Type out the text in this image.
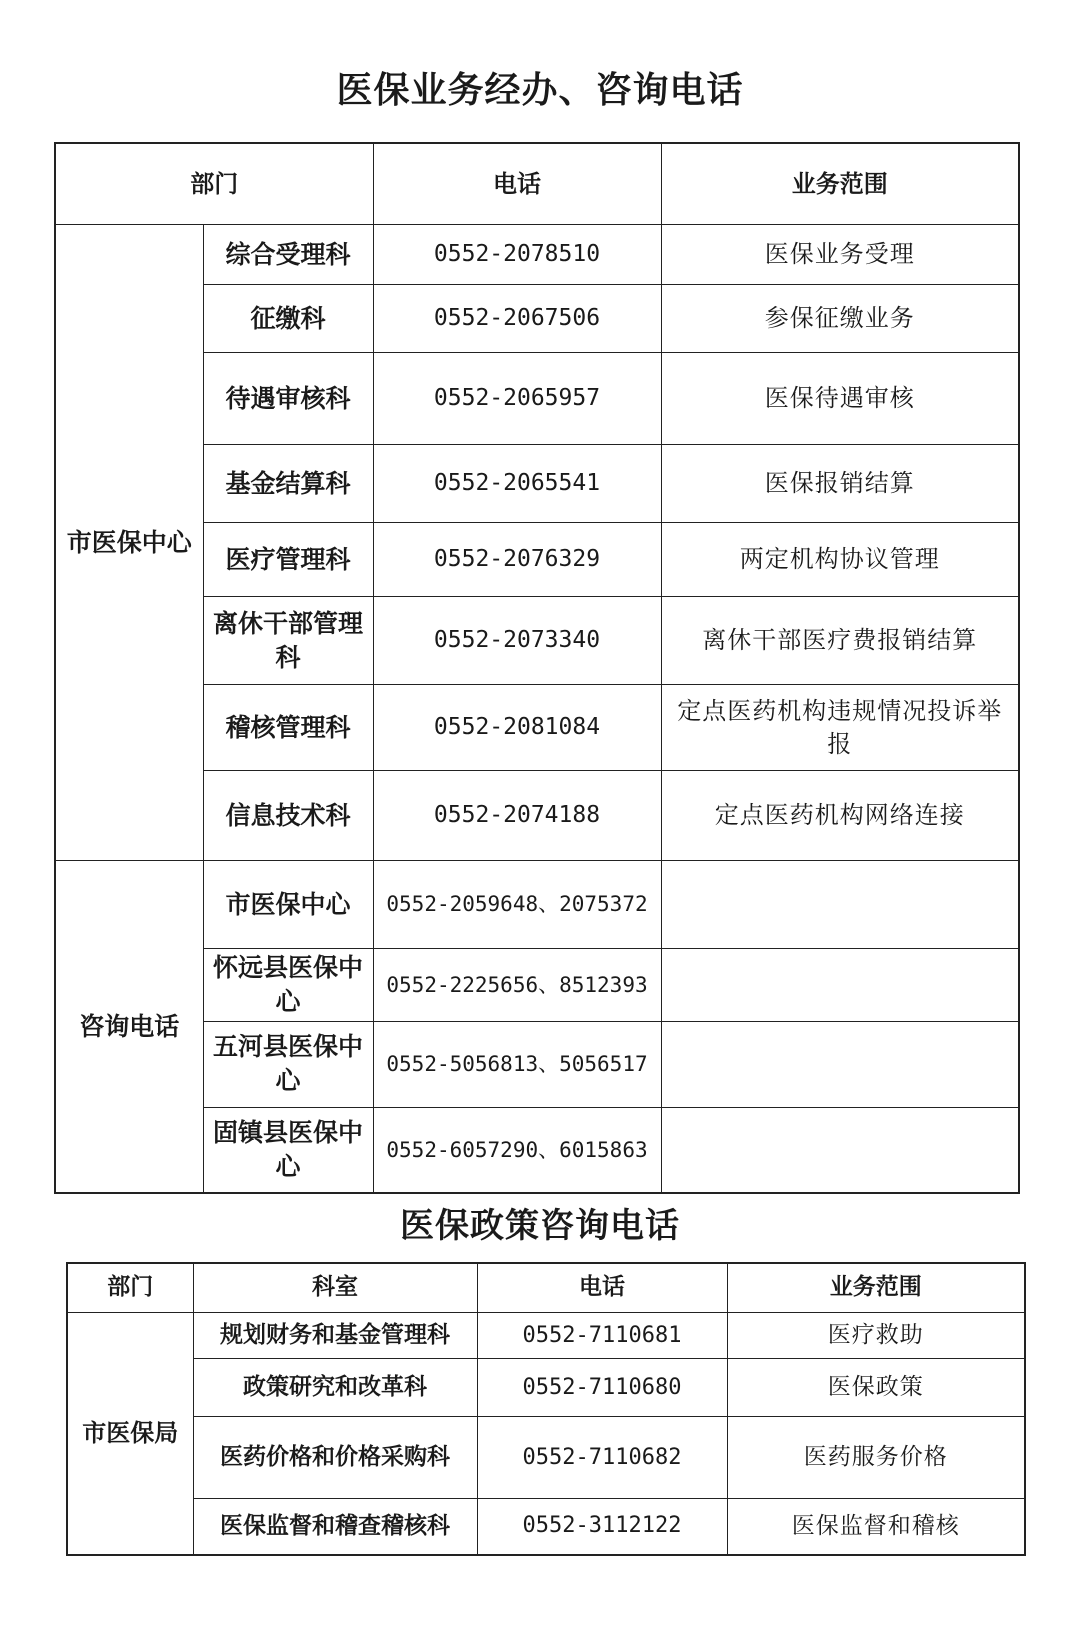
医保业务经办、咨询电话
部门		电话	业务范围
市医保中心	综合受理科	0552-2078510	医保业务受理
	征缴科	0552-2067506	参保征缴业务
	待遇审核科	0552-2065957	医保待遇审核
	基金结算科	0552-2065541	医保报销结算
	医疗管理科	0552-2076329	两定机构协议管理
	离休干部管理科	0552-2073340	离休干部医疗费报销结算
	稽核管理科	0552-2081084	定点医药机构违规情况投诉举报
	信息技术科	0552-2074188	定点医药机构网络连接
咨询电话	市医保中心	0552-2059648、2075372	
	怀远县医保中心	0552-2225656、8512393	
	五河县医保中心	0552-5056813、5056517	
	固镇县医保中心	0552-6057290、6015863	
医保政策咨询电话
部门	科室	电话	业务范围
市医保局	规划财务和基金管理科	0552-7110681	医疗救助
	政策研究和改革科	0552-7110680	医保政策
	医药价格和价格采购科	0552-7110682	医药服务价格
	医保监督和稽查稽核科	0552-3112122	医保监督和稽核
